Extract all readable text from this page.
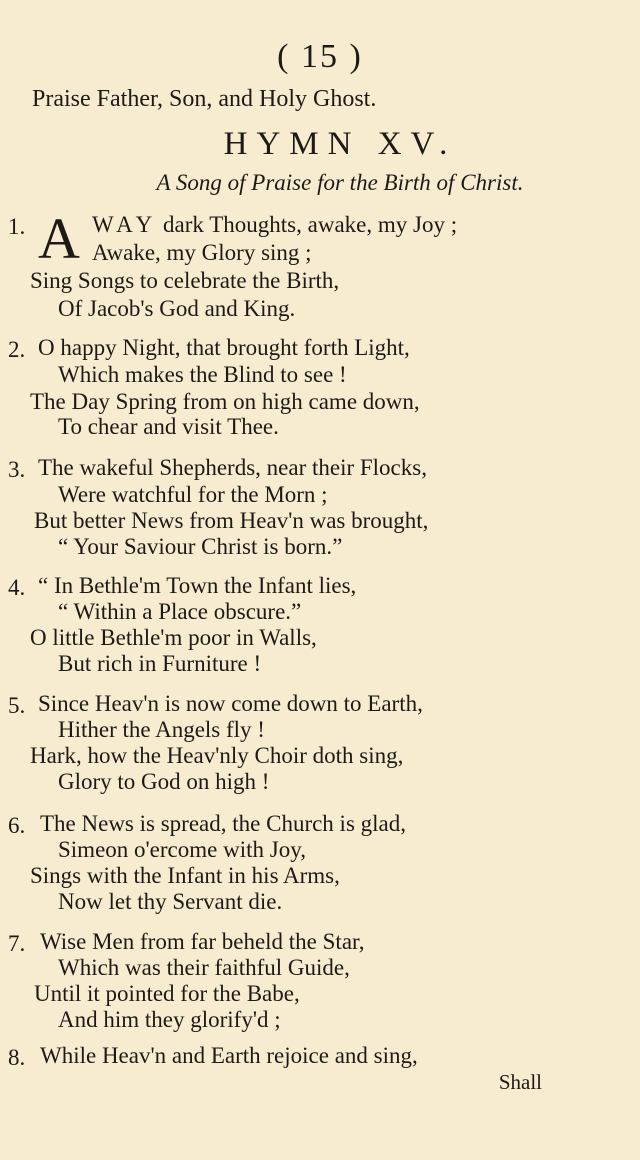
( 15 )
Praise Father, Son, and Holy Ghost.
HYMN XV.
A Song of Praise for the Birth of Christ.
1. A WAY dark Thoughts, awake, my Joy ;
Awake, my Glory sing ;
Sing Songs to celebrate the Birth,
Of Jacob's God and King.
2. O happy Night, that brought forth Light,
Which makes the Blind to see !
The Day Spring from on high came down,
To chear and visit Thee.
3. The wakeful Shepherds, near their Flocks,
Were watchful for the Morn ;
But better News from Heav'n was brought,
“ Your Saviour Christ is born.”
4. “ In Bethle'm Town the Infant lies,
“ Within a Place obscure.”
O little Bethle'm poor in Walls,
But rich in Furniture !
5. Since Heav'n is now come down to Earth,
Hither the Angels fly !
Hark, how the Heav'nly Choir doth sing,
Glory to God on high !
6. The News is spread, the Church is glad,
Simeon o'ercome with Joy,
Sings with the Infant in his Arms,
Now let thy Servant die.
7. Wise Men from far beheld the Star,
Which was their faithful Guide,
Until it pointed for the Babe,
And him they glorify'd ;
8. While Heav'n and Earth rejoice and sing,
Shall
